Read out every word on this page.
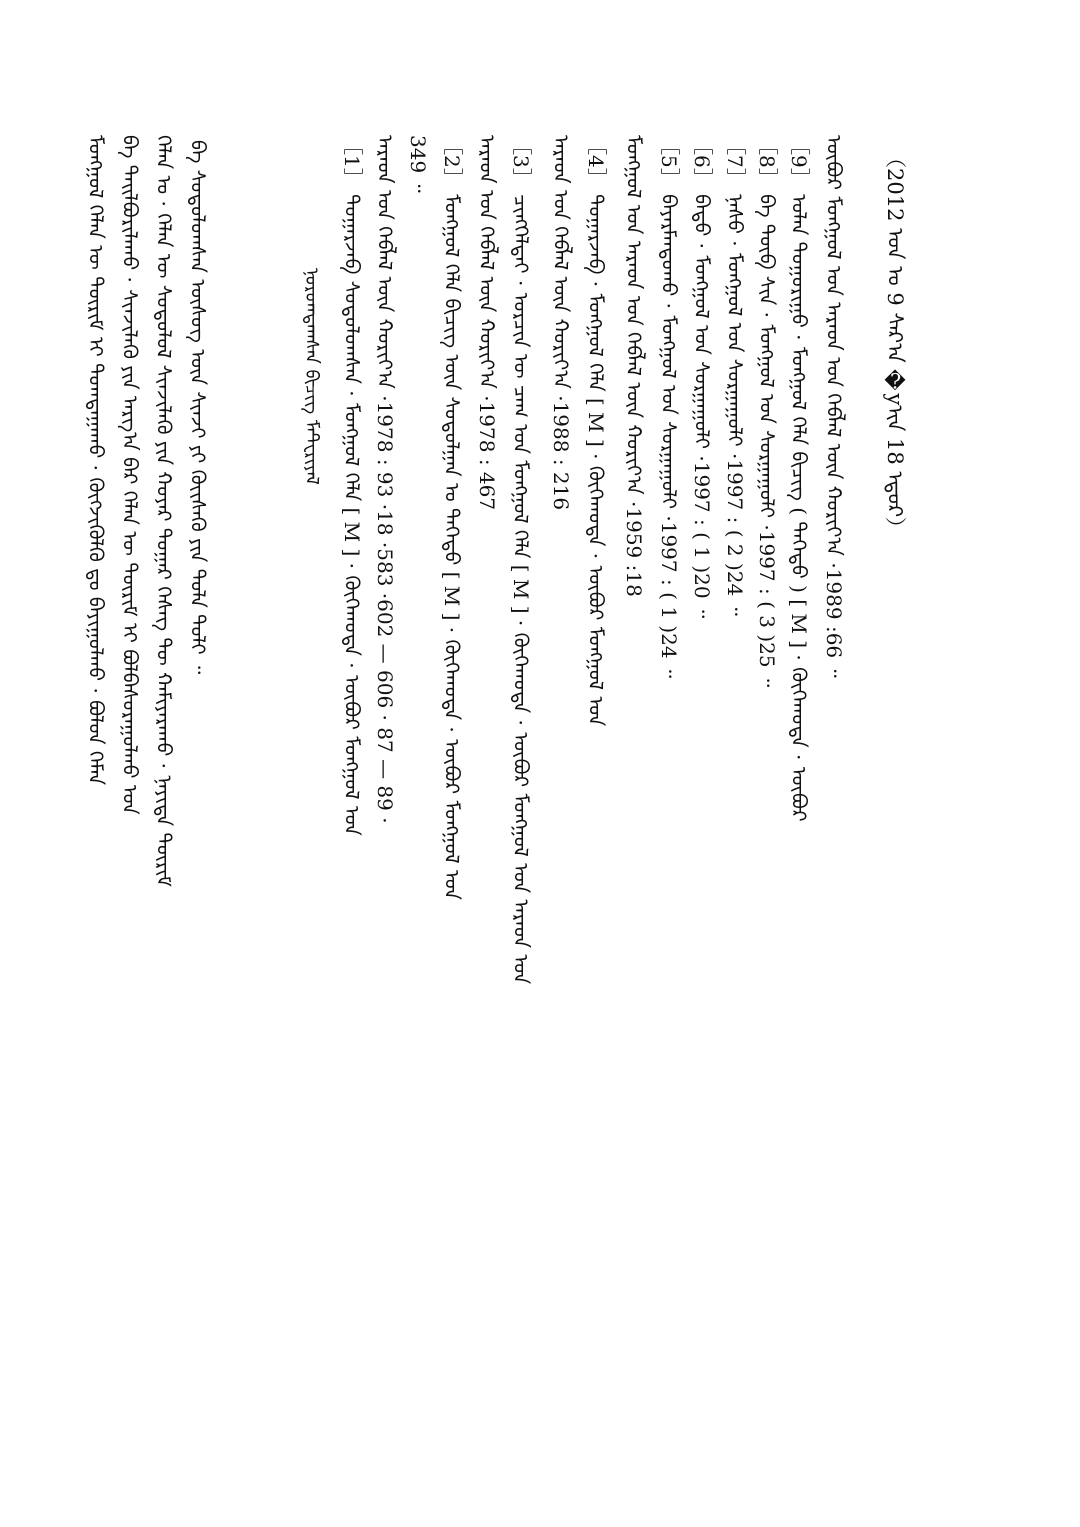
（2012 ᠣᠨ ᠤ 9 ᠰᠠᠷ᠎ᠠ �yᠢᠨ 18 ᠡᠳᠦᠷ）
ᠥᠪᠦᠷ ᠮᠣᠩᠭᠣᠯ ᠤᠨ ᠠᠷᠠᠳ ᠤᠨ ᠬᠡᠪᠯᠡᠯ ᠦᠨ ᠬᠣᠷᠢᠶ᠎ᠠ ·1989 :66 ᠃
［9］ ᠣᠯᠠᠨ ᠲᠣᠭᠣᠷᠢᠭᠤ · ᠮᠣᠩᠭᠣᠯ ᠬᠡᠯᠡ ᠪᠢᠴᠢᠭ ( ᠳᠡᠭᠡᠳᠦ ) [ M ] · ᠬᠥᠬᠡᠬᠣᠲᠠ · ᠥᠪᠦᠷ
［8］ ᠪᠠ ᠲᠦᠪ ᠰᠢᠨ · ᠮᠣᠩᠭᠣᠯ ᠤᠨ ᠰᠤᠷᠭᠠᠭᠤᠯᠢ ·1997 : ( 3 )25 ᠃
［7］ ᠨᠠᠰᠤ · ᠮᠣᠩᠭᠣᠯ ᠤᠨ ᠰᠤᠷᠭᠠᠭᠤᠯᠢ ·1997 : ( 2 )24 ᠃
［6］ ᠪᠠᠲᠤ · ᠮᠣᠩᠭᠣᠯ ᠤᠨ ᠰᠤᠷᠭᠠᠭᠤᠯᠢ ·1997 : ( 1 )20 ᠃
［5］ ᠪᠠᠶᠠᠷᠮᠠᠨᠳᠤᠬᠤ · ᠮᠣᠩᠭᠣᠯ ᠤᠨ ᠰᠤᠷᠭᠠᠭᠤᠯᠢ ·1997 : ( 1 )24 ᠃
ᠮᠣᠩᠭᠣᠯ ᠤᠨ ᠠᠷᠠᠳ ᠤᠨ ᠬᠡᠪᠯᠡᠯ ᠦᠨ ᠬᠣᠷᠢᠶ᠎ᠠ ·1959 :18
［4］ ᠳᠤᠭᠠᠷᠵᠠᠪ · ᠮᠣᠩᠭᠣᠯ ᠬᠡᠯᠡ [ M ] · ᠬᠥᠬᠡᠬᠣᠲᠠ · ᠥᠪᠦᠷ ᠮᠣᠩᠭᠣᠯ ᠤᠨ
ᠠᠷᠠᠳ ᠤᠨ ᠬᠡᠪᠯᠡᠯ ᠦᠨ ᠬᠣᠷᠢᠶ᠎ᠠ ·1988 : 216
［3］ ᠴᠢᠩᠭᠡᠯᠲᠡᠢ · ᠣᠷᠴᠢᠨ ᠦ ᠴᠠᠭ ᠤᠨ ᠮᠣᠩᠭᠣᠯ ᠬᠡᠯᠡ [ M ] · ᠬᠥᠬᠡᠬᠣᠲᠠ · ᠥᠪᠦᠷ ᠮᠣᠩᠭᠣᠯ ᠤᠨ ᠠᠷᠠᠳ ᠤᠨ
ᠠᠷᠠᠳ ᠤᠨ ᠬᠡᠪᠯᠡᠯ ᠦᠨ ᠬᠣᠷᠢᠶ᠎ᠠ ·1978 : 467
［2］ ᠮᠣᠩᠭᠣᠯ ᠬᠡᠯᠡ ᠪᠢᠴᠢᠭ ᠦᠨ ᠰᠤᠳᠤᠯᠭᠠᠨ ᠤ ᠳᠡᠭᠡᠳᠦ [ M ] · ᠬᠥᠬᠡᠬᠣᠲᠠ · ᠥᠪᠦᠷ ᠮᠣᠩᠭᠣᠯ ᠤᠨ
349 ᠃
ᠠᠷᠠᠳ ᠤᠨ ᠬᠡᠪᠯᠡᠯ ᠦᠨ ᠬᠣᠷᠢᠶ᠎ᠠ ·1978 : 93 ·18 ·583 ·602 — 606 · 87 — 89 ·
［1］ ᠳᠤᠭᠠᠷᠵᠠᠪ ᠰᠤᠳᠤᠯᠤᠭᠰᠠᠨ · ᠮᠣᠩᠭᠣᠯ ᠬᠡᠯᠡ [ M ] · ᠬᠥᠬᠡᠬᠣᠲᠠ · ᠥᠪᠦᠷ ᠮᠣᠩᠭᠣᠯ ᠤᠨ
ᠨᠣᠷᠣᠭᠳᠠᠭᠰᠠᠨ ᠪᠢᠴᠢᠭ ᠮᠠᠲ᠋ᠸᠷᠢᠶᠠᠯ
ᠪᠠ ᠰᠤᠳᠤᠯᠤᠭᠰᠠᠨ ᠦᠰᠦᠭ ᠦᠨ ᠰᠢᠨᠵᠢ ᠶᠢ ᠬᠦᠢᠰᠡᠬᠦ ᠶᠢᠨ ᠲᠤᠯᠠ ᠲᠣᠯᠢ ᠃
ᠬᠡᠯᠡᠨ ᠤ · ᠬᠡᠯᠡᠨ ᠦ ᠰᠤᠳᠤᠯᠤᠯ ᠰᠢᠨᠵᠢᠯᠡᠬᠦ ᠶᠢᠨ ᠬᠣᠶᠠᠷ ᠳᠤᠭᠠᠷ ᠬᠡᠰᠡᠭ ᠲᠦ ᠬᠠᠮᠢᠶᠠᠷᠠᠬᠤ · ᠨᠡᠶᠢᠲᠡ ᠳᠦᠷᠢᠮ
ᠪᠠ ᠲᠠᠢᠯᠪᠤᠷᠢᠯᠠᠬᠤ · ᠰᠢᠨᠵᠢᠯᠡᠬᠦ ᠶᠢᠨ ᠠᠷᠭ᠎ᠠ ᠪᠠᠷ ᠬᠡᠯᠡᠨ ᠦ ᠳᠦᠷᠢᠮ ᠢ ᠪᠣᠯᠪᠠᠰᠤᠷᠠᠭᠤᠯᠬᠤ ᠤᠨ
ᠮᠣᠩᠭᠣᠯ ᠬᠡᠯᠡᠨ ᠦ ᠳᠦᠷᠢᠮ ᠢ ᠲᠣᠭᠲᠠᠭᠠᠬᠤ · ᠬᠥᠭᠵᠢᠭᠦᠯᠬᠦ ᠳᠤ ᠪᠠᠶᠢᠭᠤᠯᠬᠤ · ᠪᠣᠯᠤᠨ ᠬᠡᠮᠡᠨ
